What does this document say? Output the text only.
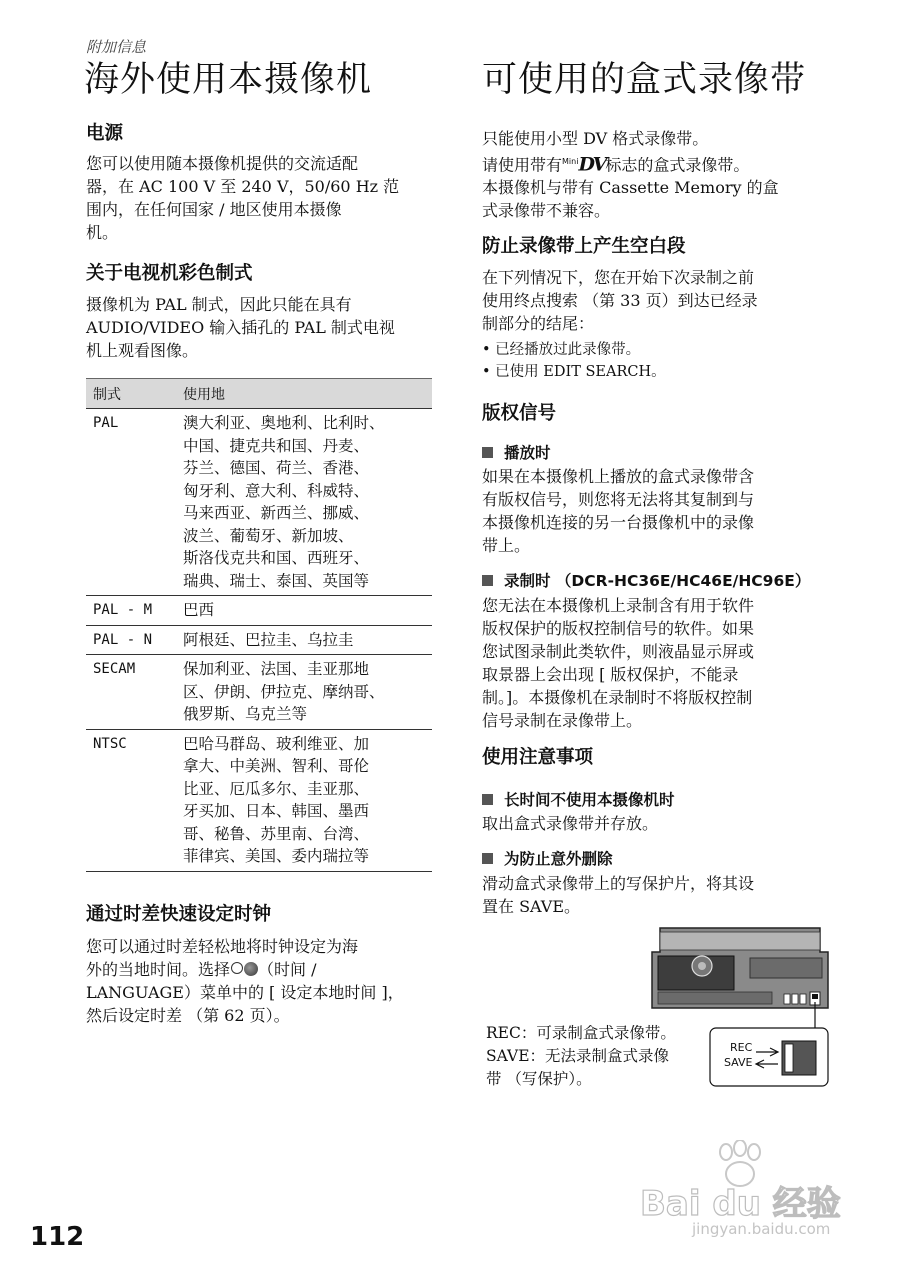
附加信息
海外使用本摄像机
电源
您可以使用随本摄像机提供的交流适配
器，在 AC 100 V 至 240 V，50/60 Hz 范
围内，在任何国家 / 地区使用本摄像
机。
关于电视机彩色制式
摄像机为 PAL 制式，因此只能在具有
AUDIO/VIDEO 输入插孔的 PAL 制式电视
机上观看图像。
制式	使用地
PAL	澳大利亚、奥地利、比利时、
中国、捷克共和国、丹麦、
芬兰、德国、荷兰、香港、
匈牙利、意大利、科威特、
马来西亚、新西兰、挪威、
波兰、葡萄牙、新加坡、
斯洛伐克共和国、西班牙、
瑞典、瑞士、泰国、英国等
PAL - M	巴西
PAL - N	阿根廷、巴拉圭、乌拉圭
SECAM	保加利亚、法国、圭亚那地
区、伊朗、伊拉克、摩纳哥、
俄罗斯、乌克兰等
NTSC	巴哈马群岛、玻利维亚、加
拿大、中美洲、智利、哥伦
比亚、厄瓜多尔、圭亚那、
牙买加、日本、韩国、墨西
哥、秘鲁、苏里南、台湾、
菲律宾、美国、委内瑞拉等
通过时差快速设定时钟
您可以通过时差轻松地将时钟设定为海
外的当地时间。选择 （时间 /
LANGUAGE）菜单中的 [ 设定本地时间 ]，
然后设定时差 （第 62 页）。
可使用的盒式录像带
只能使用小型 DV 格式录像带。
请使用带有$^{Mini}$DV标志的盒式录像带。
本摄像机与带有 Cassette Memory 的盒
式录像带不兼容。
防止录像带上产生空白段
在下列情况下，您在开始下次录制之前
使用终点搜索 （第 33 页）到达已经录
制部分的结尾：
• 已经播放过此录像带。
• 已使用 EDIT SEARCH。
版权信号
播放时
如果在本摄像机上播放的盒式录像带含
有版权信号，则您将无法将其复制到与
本摄像机连接的另一台摄像机中的录像
带上。
录制时 （DCR-HC36E/HC46E/HC96E）
您无法在本摄像机上录制含有用于软件
版权保护的版权控制信号的软件。如果
您试图录制此类软件，则液晶显示屏或
取景器上会出现 [ 版权保护，不能录
制。]。本摄像机在录制时不将版权控制
信号录制在录像带上。
使用注意事项
长时间不使用本摄像机时
取出盒式录像带并存放。
为防止意外删除
滑动盒式录像带上的写保护片，将其设
置在 SAVE。
REC
SAVE
REC：可录制盒式录像带。
SAVE：无法录制盒式录像
带 （写保护）。
112
Bai du 经验
jingyan.baidu.com
